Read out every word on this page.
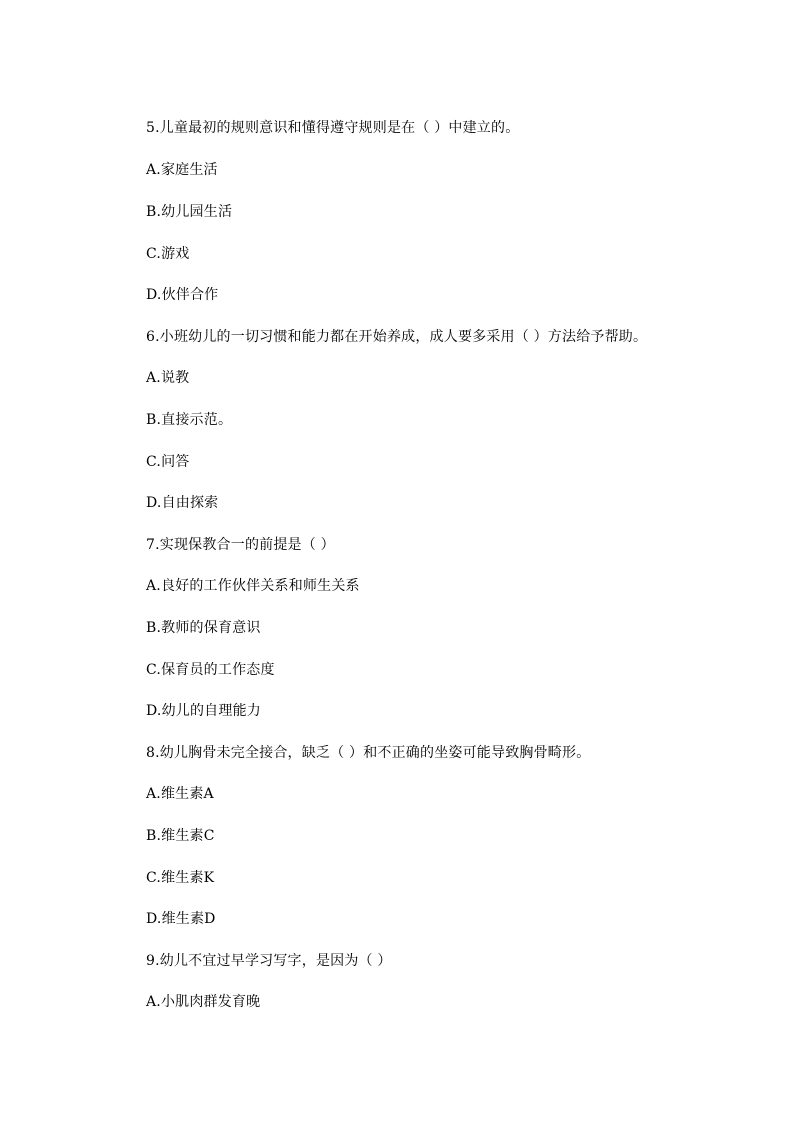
5.儿童最初的规则意识和懂得遵守规则是在（ ）中建立的。
A.家庭生活
B.幼儿园生活
C.游戏
D.伙伴合作
6.小班幼儿的一切习惯和能力都在开始养成，成人要多采用（ ）方法给予帮助。
A.说教
B.直接示范。
C.问答
D.自由探索
7.实现保教合一的前提是（ ）
A.良好的工作伙伴关系和师生关系
B.教师的保育意识
C.保育员的工作态度
D.幼儿的自理能力
8.幼儿胸骨未完全接合，缺乏（ ）和不正确的坐姿可能导致胸骨畸形。
A.维生素A
B.维生素C
C.维生素K
D.维生素D
9.幼儿不宜过早学习写字，是因为（ ）
A.小肌肉群发育晚
